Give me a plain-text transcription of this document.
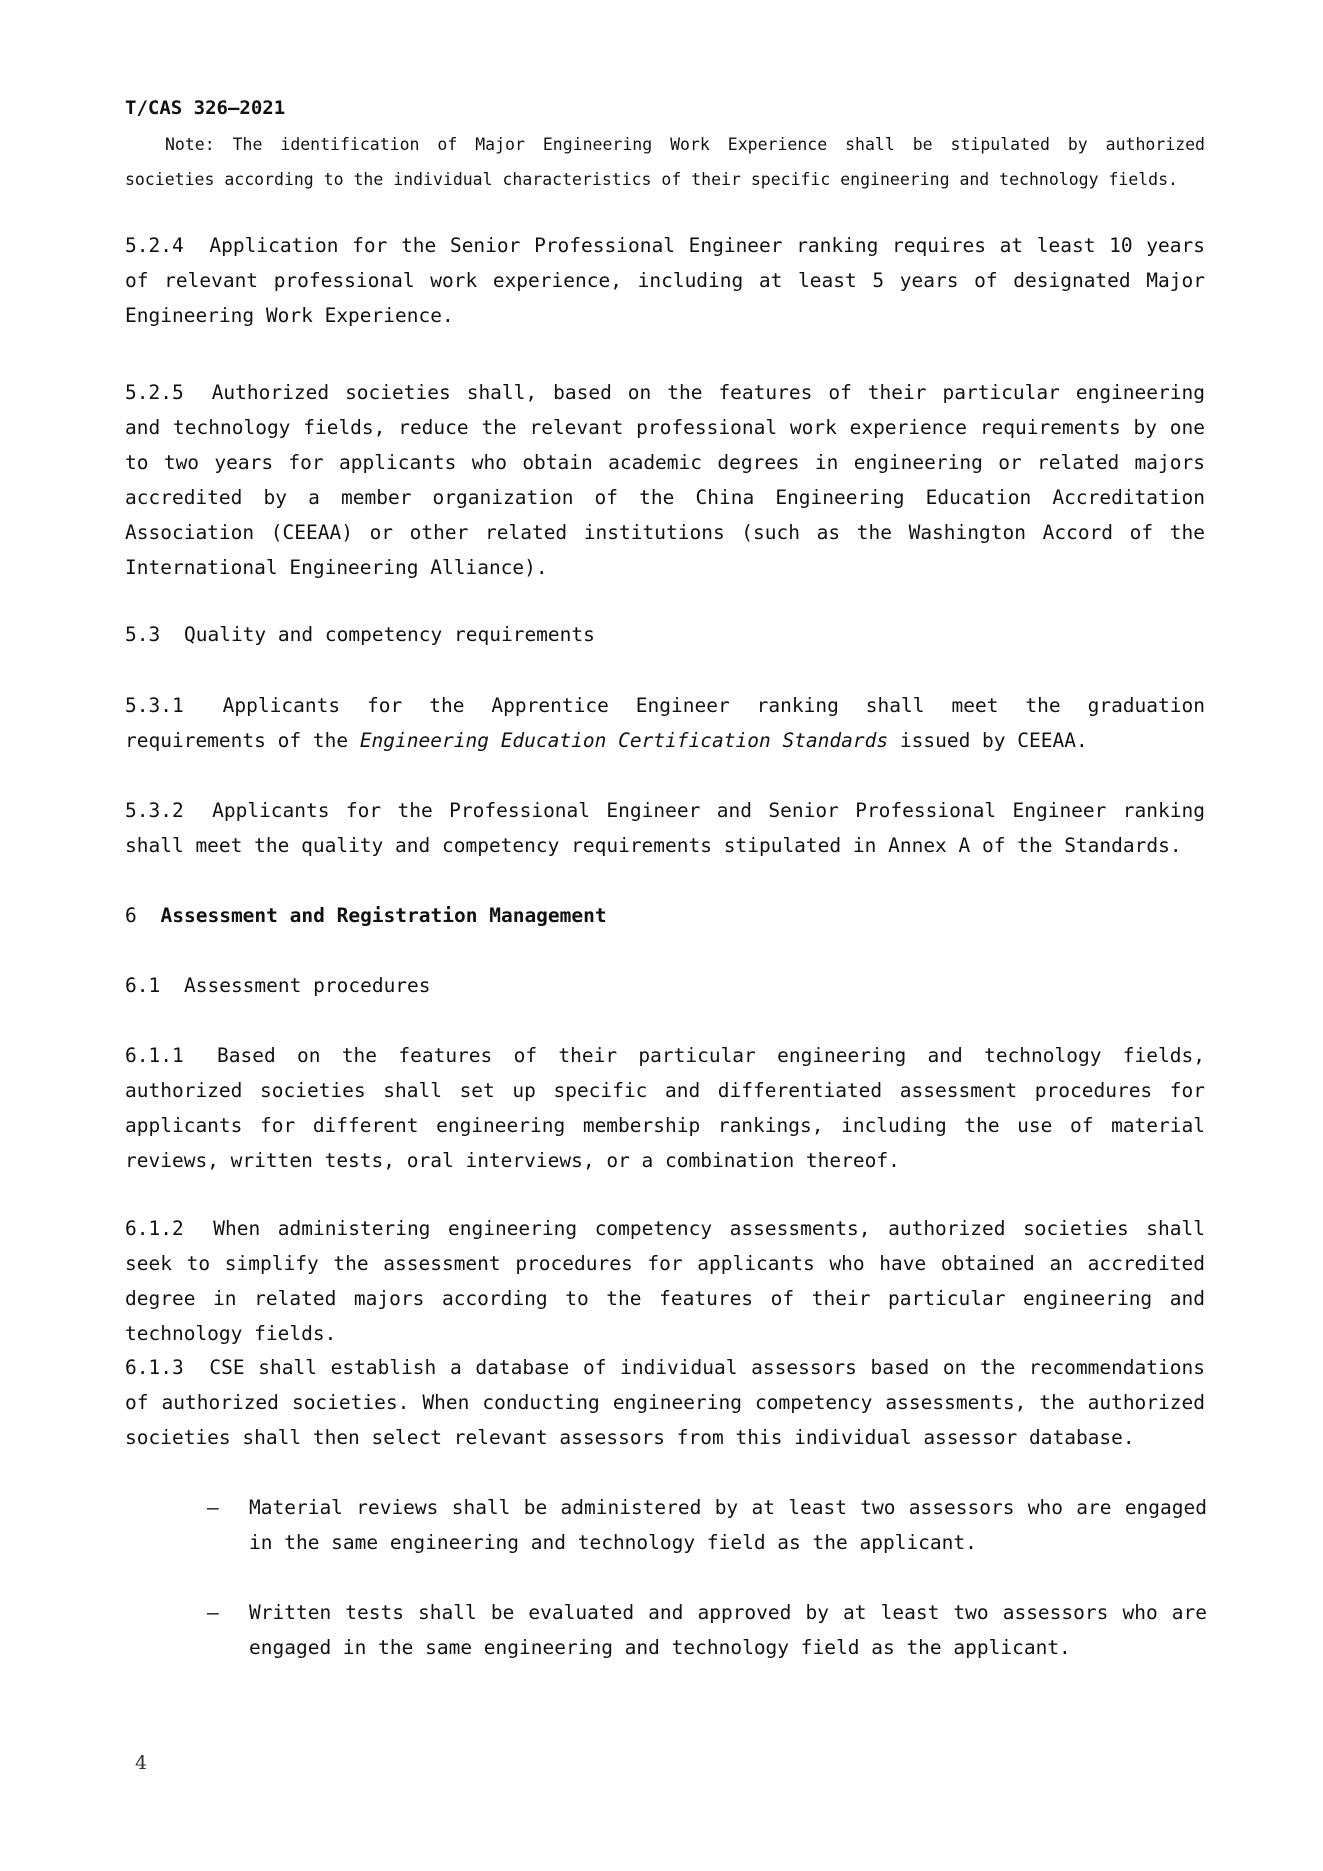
T/CAS 326—2021
Note: The identification of Major Engineering Work Experience shall be stipulated by authorized societies according to the individual characteristics of their specific engineering and technology fields.
5.2.4 Application for the Senior Professional Engineer ranking requires at least 10 years of relevant professional work experience, including at least 5 years of designated Major Engineering Work Experience.
5.2.5 Authorized societies shall, based on the features of their particular engineering and technology fields, reduce the relevant professional work experience requirements by one to two years for applicants who obtain academic degrees in engineering or related majors accredited by a member organization of the China Engineering Education Accreditation Association (CEEAA) or other related institutions (such as the Washington Accord of the International Engineering Alliance).
5.3 Quality and competency requirements
5.3.1 Applicants for the Apprentice Engineer ranking shall meet the graduation requirements of the Engineering Education Certification Standards issued by CEEAA.
5.3.2 Applicants for the Professional Engineer and Senior Professional Engineer ranking shall meet the quality and competency requirements stipulated in Annex A of the Standards.
6 Assessment and Registration Management
6.1 Assessment procedures
6.1.1 Based on the features of their particular engineering and technology fields, authorized societies shall set up specific and differentiated assessment procedures for applicants for different engineering membership rankings, including the use of material reviews, written tests, oral interviews, or a combination thereof.
6.1.2 When administering engineering competency assessments, authorized societies shall seek to simplify the assessment procedures for applicants who have obtained an accredited degree in related majors according to the features of their particular engineering and technology fields.
6.1.3 CSE shall establish a database of individual assessors based on the recommendations of authorized societies. When conducting engineering competency assessments, the authorized societies shall then select relevant assessors from this individual assessor database.
— Material reviews shall be administered by at least two assessors who are engaged in the same engineering and technology field as the applicant.
— Written tests shall be evaluated and approved by at least two assessors who are engaged in the same engineering and technology field as the applicant.
4
